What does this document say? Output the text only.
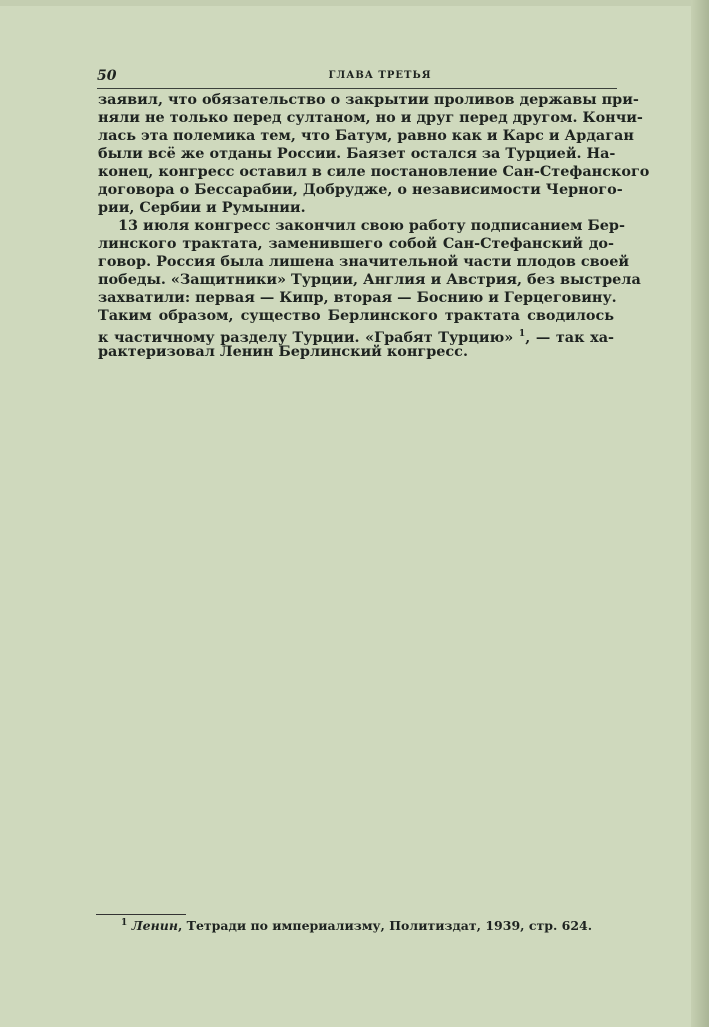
50	ГЛАВА ТРЕТЬЯ
заявил, что обязательство о закрытии проливов державы при-
няли не только перед султаном, но и друг перед другом. Кончи-
лась эта полемика тем, что Батум, равно как и Карс и Ардаган
были всё же отданы России. Баязет остался за Турцией. На-
конец, конгресс оставил в силе постановление Сан-Стефанского
договора о Бессарабии, Добрудже, о независимости Черного-
рии, Сербии и Румынии.
13 июля конгресс закончил свою работу подписанием Бер-
линского трактата, заменившего собой Сан-Стефанский до-
говор. Россия была лишена значительной части плодов своей
победы. «Защитники» Турции, Англия и Австрия, без выстрела
захватили: первая — Кипр, вторая — Боснию и Герцеговину.
Таким образом, существо Берлинского трактата сводилось
к частичному разделу Турции. «Грабят Турцию» $^1$, — так ха-
рактеризовал Ленин Берлинский конгресс.
$^1$ Ленин, Тетради по империализму, Политиздат, 1939, стр. 624.
